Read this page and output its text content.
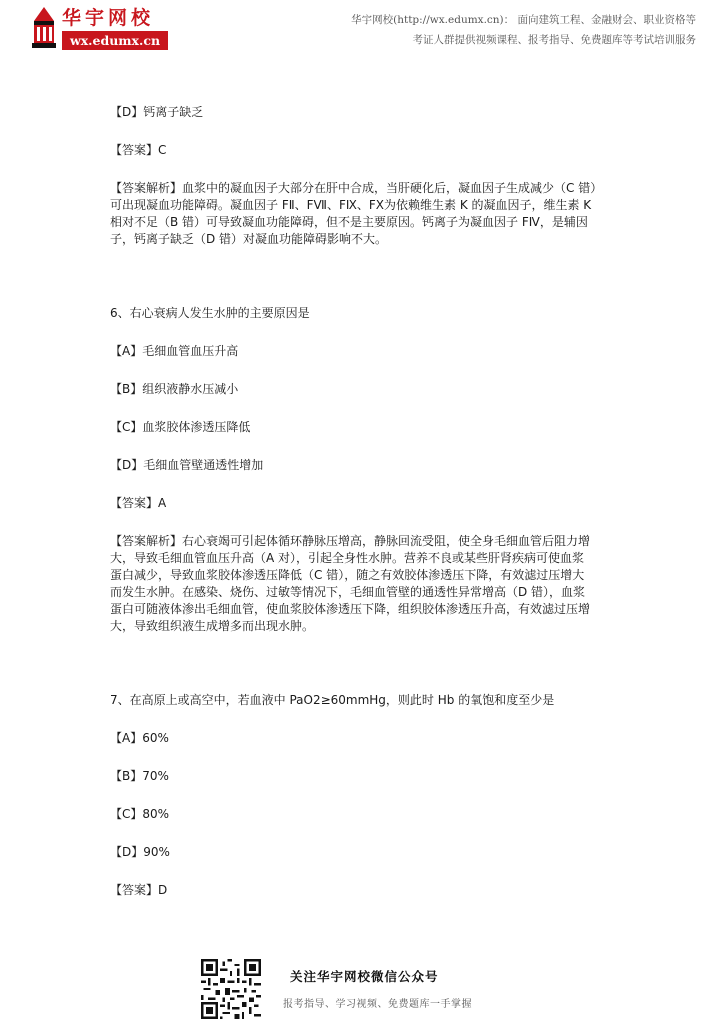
华宇网校
wx.edumx.cn
华宇网校(http://wx.edumx.cn)： 面向建筑工程、金融财会、职业资格等
考证人群提供视频课程、报考指导、免费题库等考试培训服务

【D】钙离子缺乏

【答案】C

【答案解析】血浆中的凝血因子大部分在肝中合成，当肝硬化后，凝血因子生成减少（C 错）

可出现凝血功能障碍。凝血因子 FⅡ、FⅦ、FⅨ、FⅩ为依赖维生素 K 的凝血因子，维生素 K

相对不足（B 错）可导致凝血功能障碍，但不是主要原因。钙离子为凝血因子 FⅣ，是辅因

子，钙离子缺乏（D 错）对凝血功能障碍影响不大。

6、右心衰病人发生水肿的主要原因是

【A】毛细血管血压升高

【B】组织液静水压减小

【C】血浆胶体渗透压降低

【D】毛细血管壁通透性增加

【答案】A

【答案解析】右心衰竭可引起体循环静脉压增高，静脉回流受阻，使全身毛细血管后阻力增

大，导致毛细血管血压升高（A 对），引起全身性水肿。营养不良或某些肝肾疾病可使血浆

蛋白减少，导致血浆胶体渗透压降低（C 错），随之有效胶体渗透压下降，有效滤过压增大

而发生水肿。在感染、烧伤、过敏等情况下，毛细血管壁的通透性异常增高（D 错），血浆

蛋白可随液体渗出毛细血管，使血浆胶体渗透压下降，组织胶体渗透压升高，有效滤过压增

大，导致组织液生成增多而出现水肿。

7、在高原上或高空中，若血液中 PaO2≥60mmHg，则此时 Hb 的氧饱和度至少是

【A】60%

【B】70%

【C】80%

【D】90%

【答案】D

关注华宇网校微信公众号
报考指导、学习视频、免费题库一手掌握
